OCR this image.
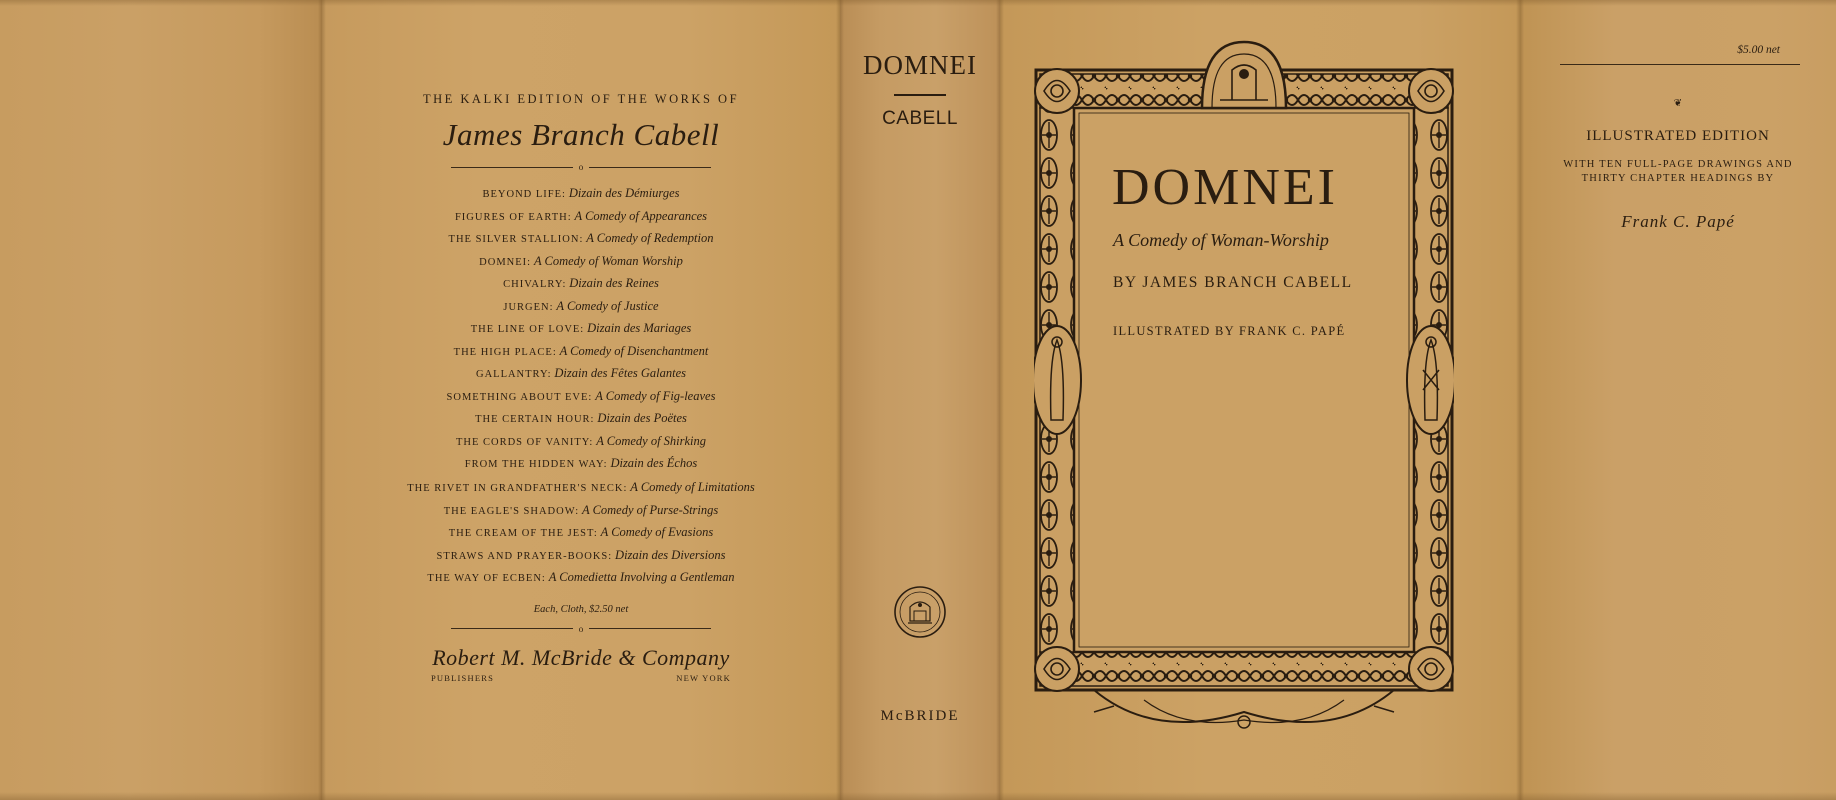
THE KALKI EDITION OF THE WORKS OF
James Branch Cabell
o
BEYOND LIFE: Dizain des Démiurges
FIGURES OF EARTH: A Comedy of Appearances
THE SILVER STALLION: A Comedy of Redemption
DOMNEI: A Comedy of Woman Worship
CHIVALRY: Dizain des Reines
JURGEN: A Comedy of Justice
THE LINE OF LOVE: Dizain des Mariages
THE HIGH PLACE: A Comedy of Disenchantment
GALLANTRY: Dizain des Fêtes Galantes
SOMETHING ABOUT EVE: A Comedy of Fig-leaves
THE CERTAIN HOUR: Dizain des Poëtes
THE CORDS OF VANITY: A Comedy of Shirking
FROM THE HIDDEN WAY: Dizain des Échos
THE RIVET IN GRANDFATHER'S NECK: A Comedy of Limitations
THE EAGLE'S SHADOW: A Comedy of Purse-Strings
THE CREAM OF THE JEST: A Comedy of Evasions
STRAWS AND PRAYER-BOOKS: Dizain des Diversions
THE WAY OF ECBEN: A Comedietta Involving a Gentleman
Each, Cloth, $2.50 net
o
Robert M. McBride & Company
PUBLISHERS	NEW YORK
DOMNEI
CABELL
McBRIDE
DOMNEI
A Comedy of Woman-Worship
BY JAMES BRANCH CABELL
ILLUSTRATED BY FRANK C. PAPÉ
$5.00 net
❦
ILLUSTRATED EDITION
WITH TEN FULL-PAGE DRAWINGS AND THIRTY CHAPTER HEADINGS BY
Frank C. Papé
